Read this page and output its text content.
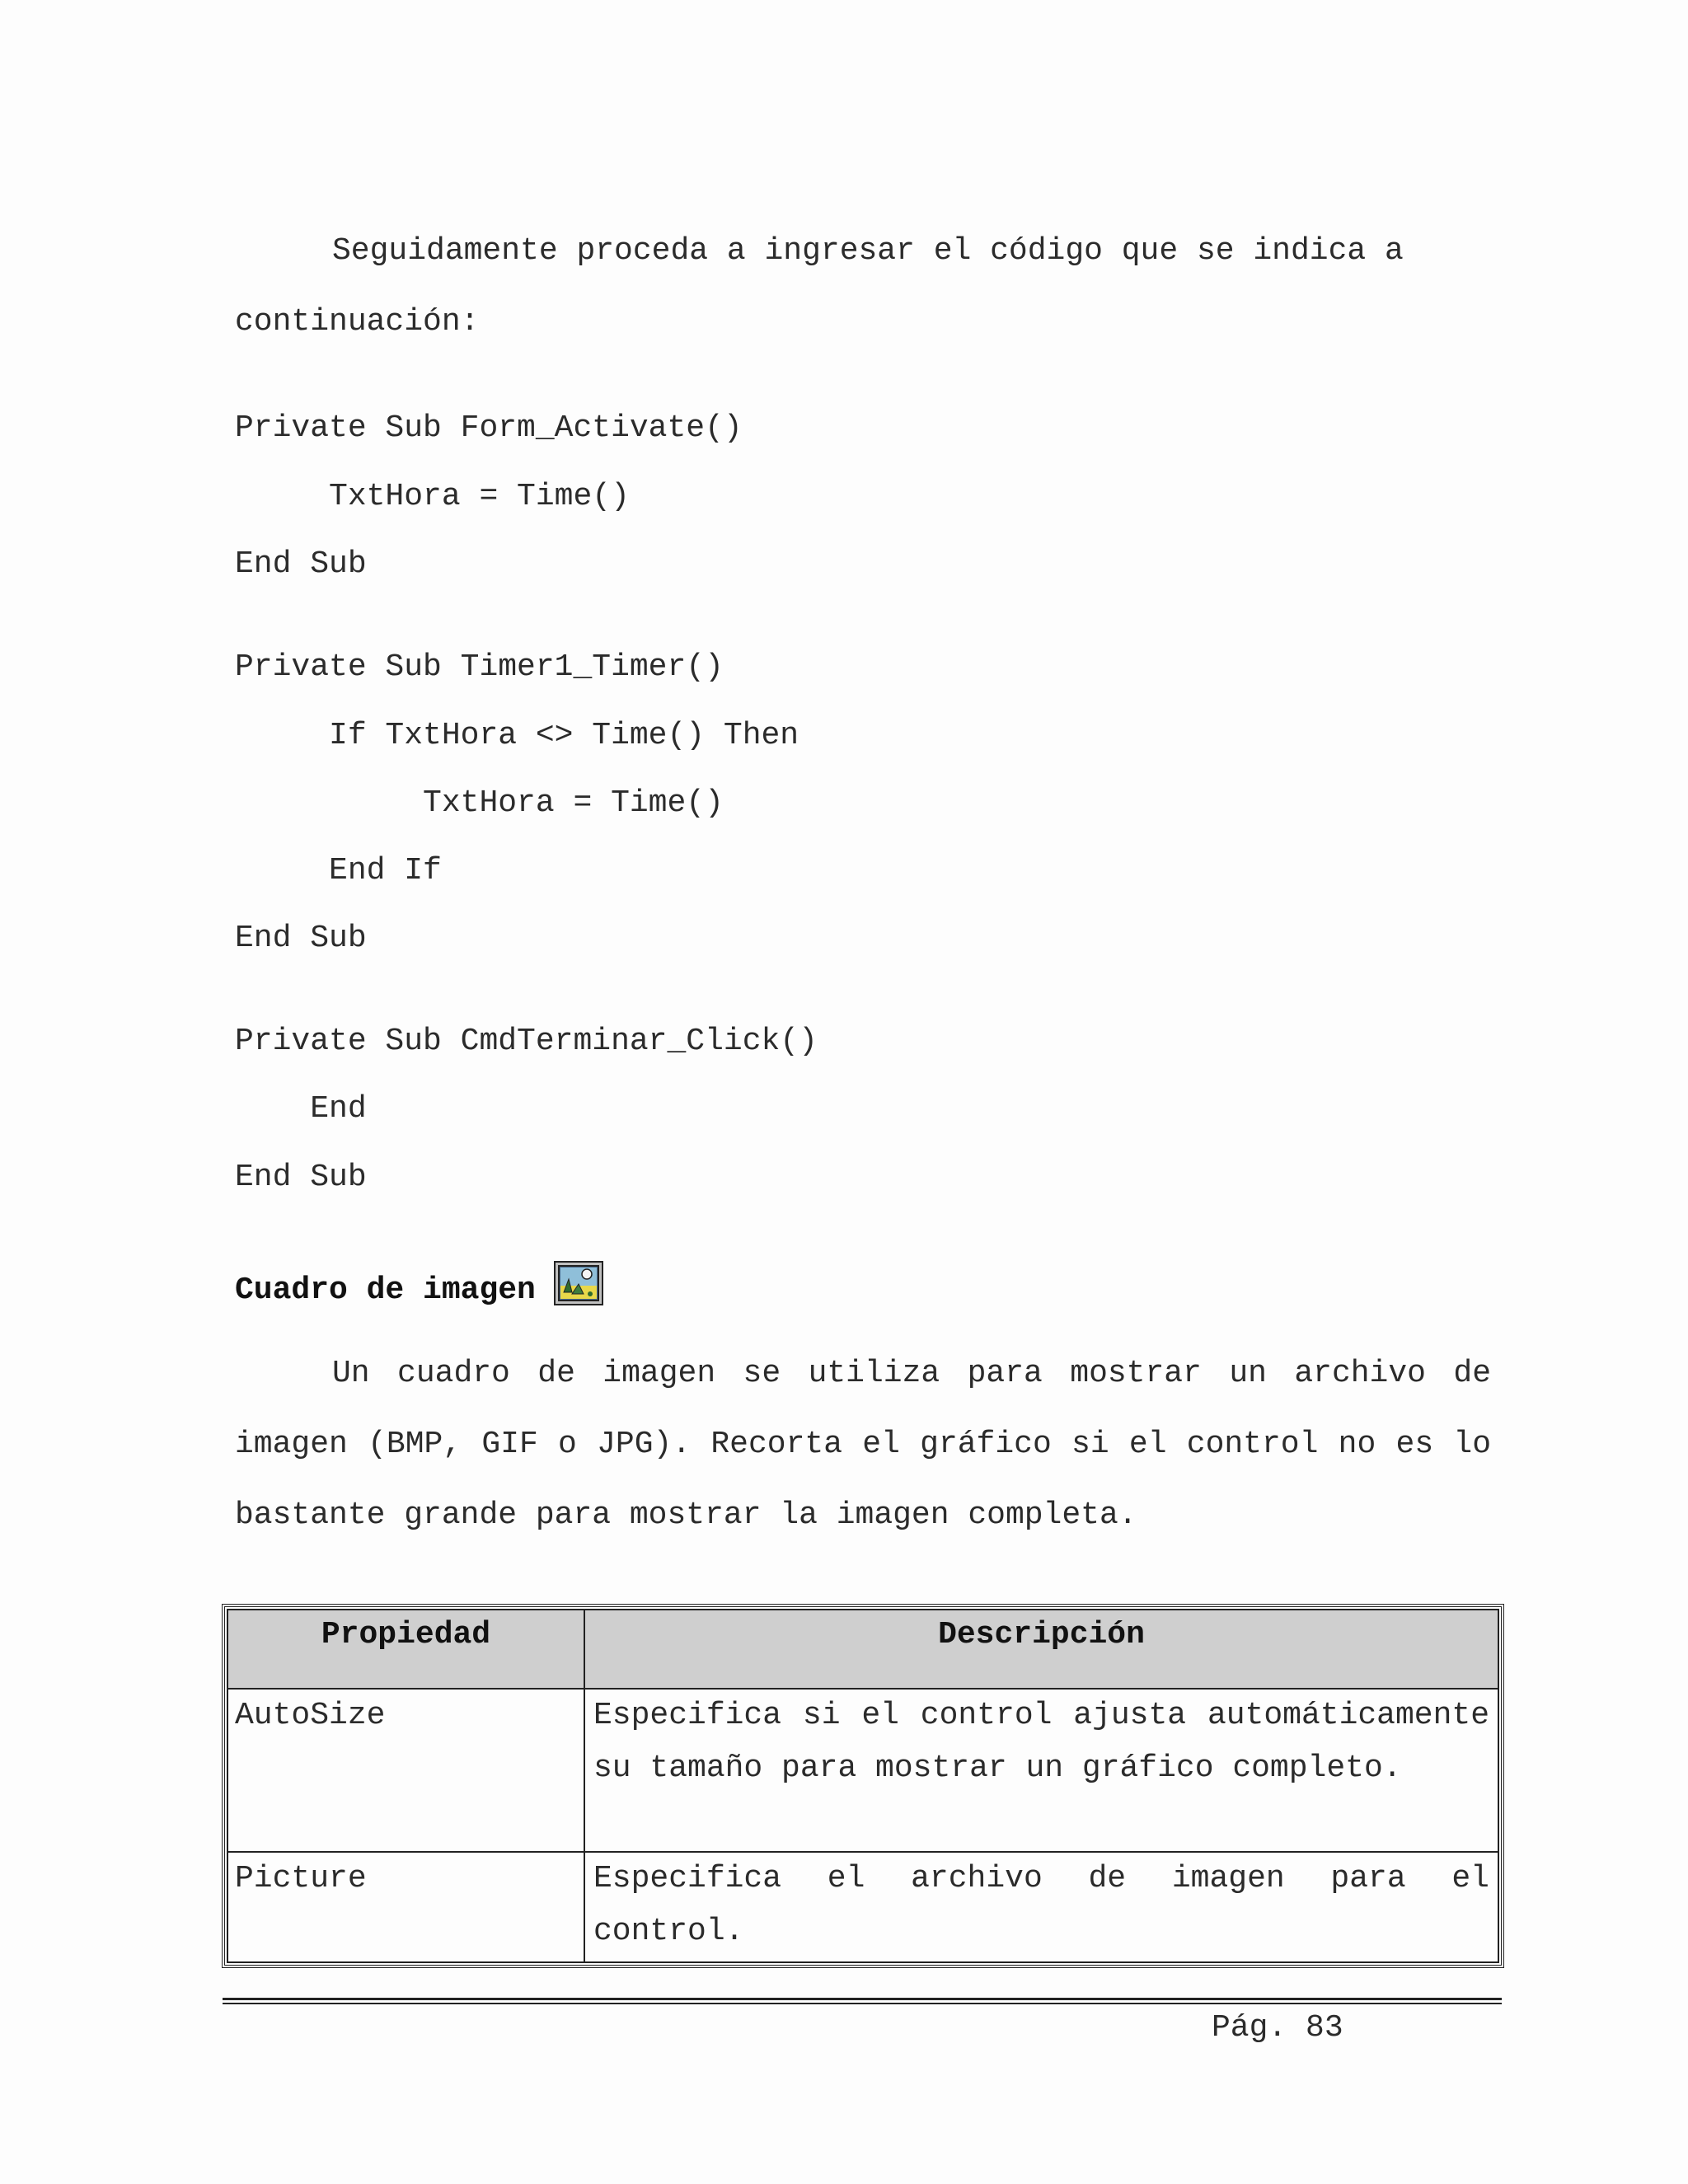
Seguidamente proceda a ingresar el código que se indica a

continuación:

Private Sub Form_Activate()
TxtHora = Time()
End Sub
Private Sub Timer1_Timer()
If TxtHora <> Time() Then
TxtHora = Time()
End If
End Sub
Private Sub CmdTerminar_Click()
End
End Sub
Cuadro de imagen

Un cuadro de imagen se utiliza para mostrar un archivo de imagen (BMP, GIF o JPG). Recorta el gráfico si el control no es lo bastante grande para mostrar la imagen completa.

Propiedad	Descripción
AutoSize	Especifica si el control ajusta automáticamente su tamaño para mostrar un gráfico completo.
Picture	Especifica el archivo de imagen para el control.
Pág. 83
